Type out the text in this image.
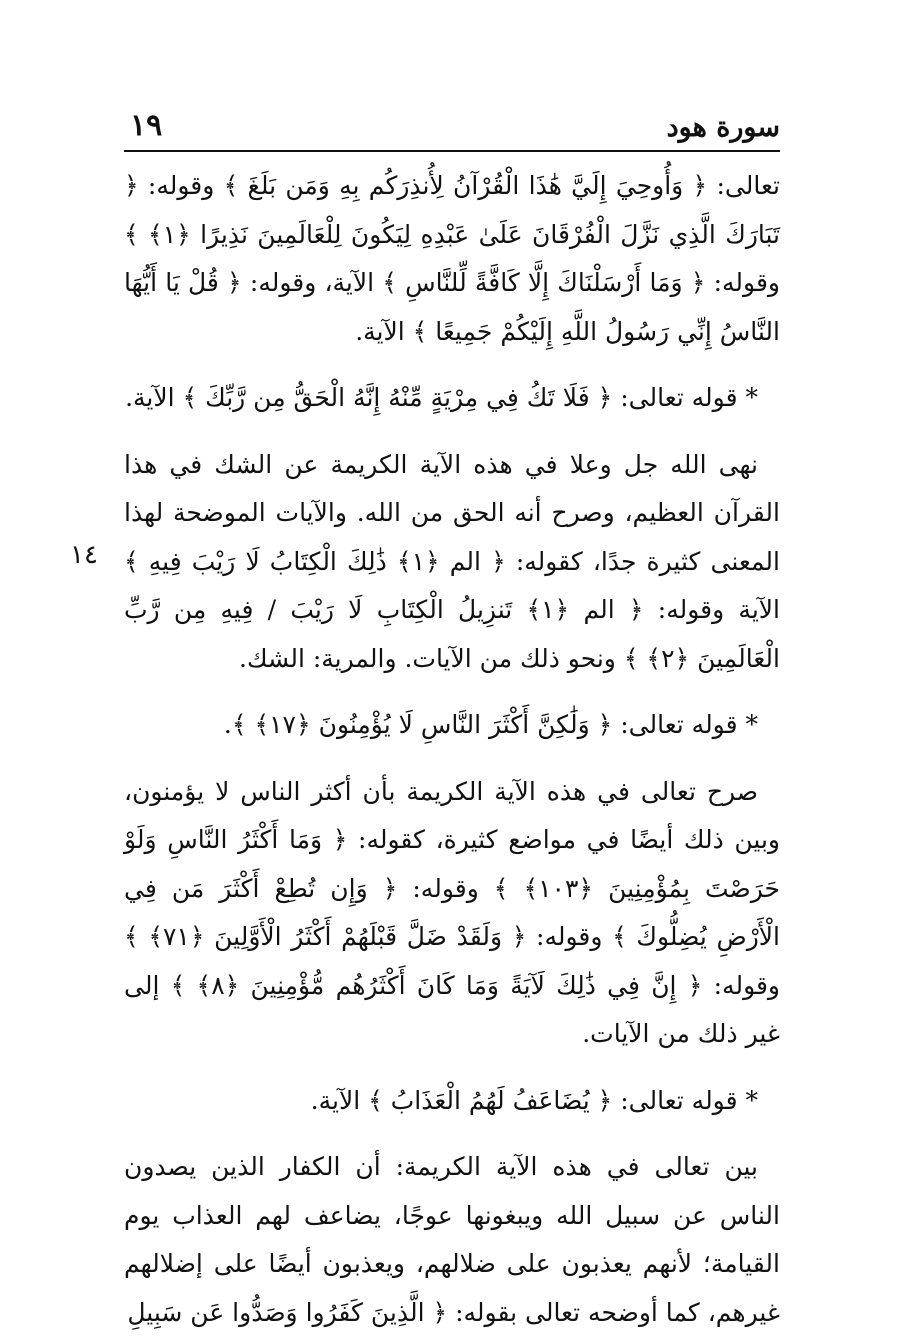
سورة هود
١٩
١٤

تعالى: ﴿ وَأُوحِيَ إِلَيَّ هَٰذَا الْقُرْآنُ لِأُنذِرَكُم بِهِ وَمَن بَلَغَ ﴾ وقوله: ﴿ تَبَارَكَ الَّذِي نَزَّلَ الْفُرْقَانَ عَلَىٰ عَبْدِهِ لِيَكُونَ لِلْعَالَمِينَ نَذِيرًا ﴿١﴾ ﴾ وقوله: ﴿ وَمَا أَرْسَلْنَاكَ إِلَّا كَافَّةً لِّلنَّاسِ ﴾ الآية، وقوله: ﴿ قُلْ يَا أَيُّهَا النَّاسُ إِنِّي رَسُولُ اللَّهِ إِلَيْكُمْ جَمِيعًا ﴾ الآية.

* قوله تعالى: ﴿ فَلَا تَكُ فِي مِرْيَةٍ مِّنْهُ إِنَّهُ الْحَقُّ مِن رَّبِّكَ ﴾ الآية.

نهى الله جل وعلا في هذه الآية الكريمة عن الشك في هذا القرآن العظيم، وصرح أنه الحق من الله. والآيات الموضحة لهذا المعنى كثيرة جدًا، كقوله: ﴿ الم ﴿١﴾ ذَٰلِكَ الْكِتَابُ لَا رَيْبَ فِيهِ ﴾ الآية وقوله: ﴿ الم ﴿١﴾ تَنزِيلُ الْكِتَابِ لَا رَيْبَ / فِيهِ مِن رَّبِّ الْعَالَمِينَ ﴿٢﴾ ﴾ ونحو ذلك من الآيات. والمرية: الشك.

* قوله تعالى: ﴿ وَلَٰكِنَّ أَكْثَرَ النَّاسِ لَا يُؤْمِنُونَ ﴿١٧﴾ ﴾.

صرح تعالى في هذه الآية الكريمة بأن أكثر الناس لا يؤمنون، وبين ذلك أيضًا في مواضع كثيرة، كقوله: ﴿ وَمَا أَكْثَرُ النَّاسِ وَلَوْ حَرَصْتَ بِمُؤْمِنِينَ ﴿١٠٣﴾ ﴾ وقوله: ﴿ وَإِن تُطِعْ أَكْثَرَ مَن فِي الْأَرْضِ يُضِلُّوكَ ﴾ وقوله: ﴿ وَلَقَدْ ضَلَّ قَبْلَهُمْ أَكْثَرُ الْأَوَّلِينَ ﴿٧١﴾ ﴾ وقوله: ﴿ إِنَّ فِي ذَٰلِكَ لَآيَةً وَمَا كَانَ أَكْثَرُهُم مُّؤْمِنِينَ ﴿٨﴾ ﴾ إلى غير ذلك من الآيات.

* قوله تعالى: ﴿ يُضَاعَفُ لَهُمُ الْعَذَابُ ﴾ الآية.

بين تعالى في هذه الآية الكريمة: أن الكفار الذين يصدون الناس عن سبيل الله ويبغونها عوجًا، يضاعف لهم العذاب يوم القيامة؛ لأنهم يعذبون على ضلالهم، ويعذبون أيضًا على إضلالهم غيرهم، كما أوضحه تعالى بقوله: ﴿ الَّذِينَ كَفَرُوا وَصَدُّوا عَن سَبِيلِ
